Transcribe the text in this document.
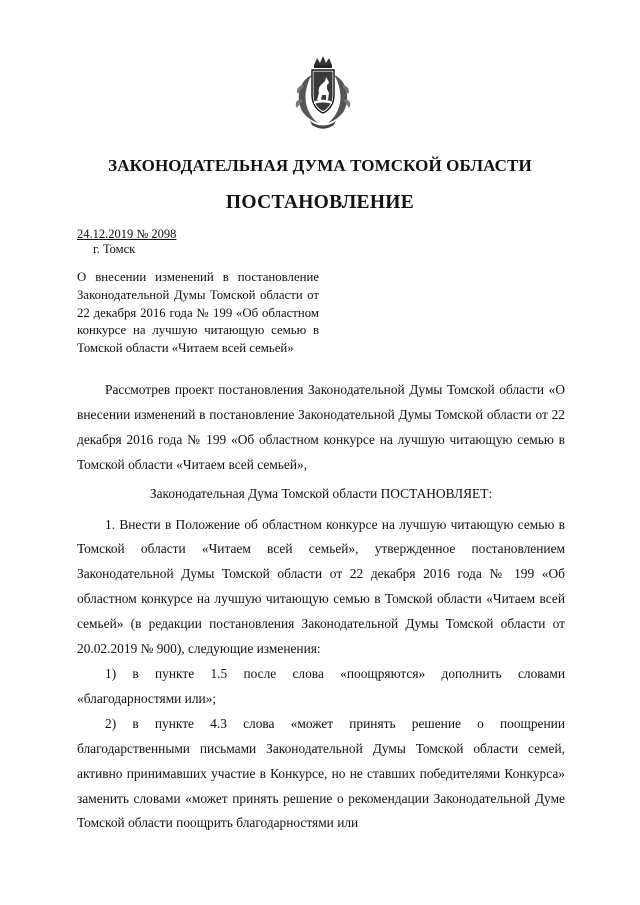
ЗАКОНОДАТЕЛЬНАЯ ДУМА ТОМСКОЙ ОБЛАСТИ
ПОСТАНОВЛЕНИЕ
24.12.2019 № 2098
г. Томск
О внесении изменений в постановление Законодательной Думы Томской области от 22 декабря 2016 года № 199 «Об областном конкурсе на лучшую читающую семью в Томской области «Читаем всей семьей»

Рассмотрев проект постановления Законодательной Думы Томской области «О внесении изменений в постановление Законодательной Думы Томской области от 22 декабря 2016 года № 199 «Об областном конкурсе на лучшую читающую семью в Томской области «Читаем всей семьей»,

Законодательная Дума Томской области ПОСТАНОВЛЯЕТ:

1. Внести в Положение об областном конкурсе на лучшую читающую семью в Томской области «Читаем всей семьей», утвержденное постановлением Законодательной Думы Томской области от 22 декабря 2016 года № 199 «Об областном конкурсе на лучшую читающую семью в Томской области «Читаем всей семьей» (в редакции постановления Законодательной Думы Томской области от 20.02.2019 № 900), следующие изменения:

1) в пункте 1.5 после слова «поощряются» дополнить словами «благодарностями или»;

2) в пункте 4.3 слова «может принять решение о поощрении благодарственными письмами Законодательной Думы Томской области семей, активно принимавших участие в Конкурсе, но не ставших победителями Конкурса» заменить словами «может принять решение о рекомендации Законодательной Думе Томской области поощрить благодарностями или
